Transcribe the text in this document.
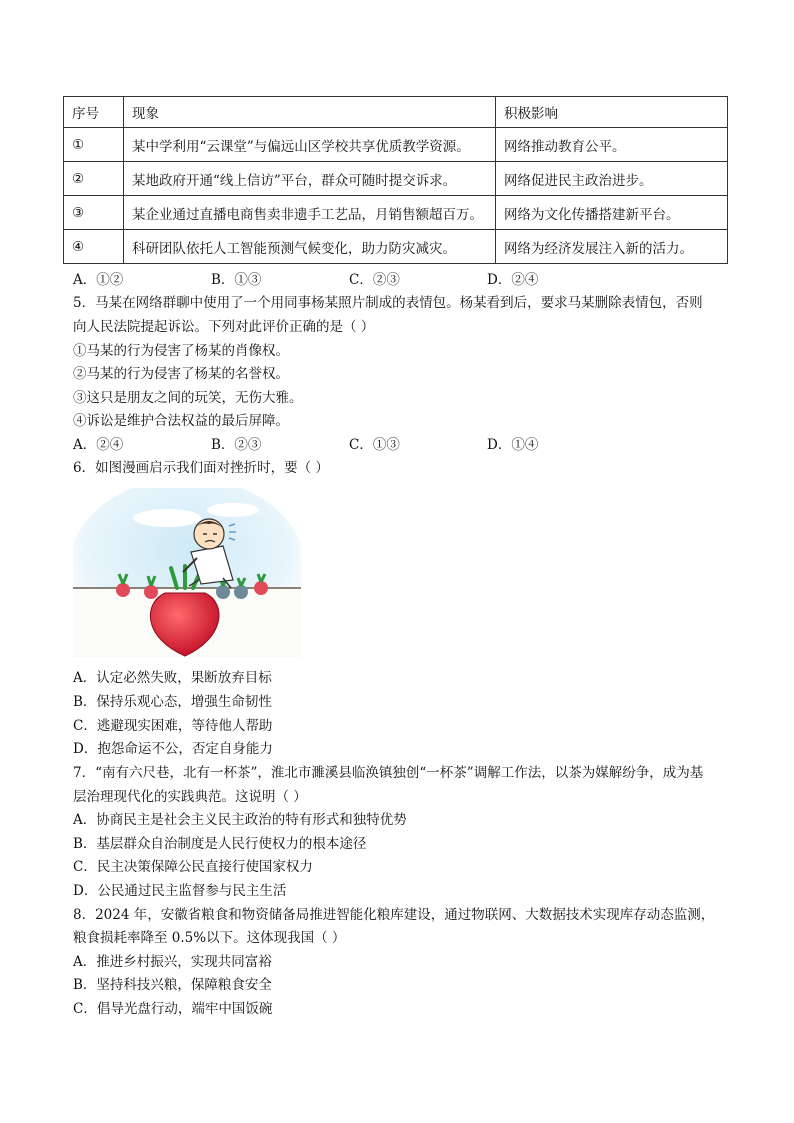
序号	现象	积极影响
①	某中学利用“云课堂”与偏远山区学校共享优质教学资源。	网络推动教育公平。
②	某地政府开通“线上信访”平台，群众可随时提交诉求。	网络促进民主政治进步。
③	某企业通过直播电商售卖非遗手工艺品，月销售额超百万。	网络为文化传播搭建新平台。
④	科研团队依托人工智能预测气候变化，助力防灾减灾。	网络为经济发展注入新的活力。
A．①②	B．①③	C．②③	D．②④
5．马某在网络群聊中使用了一个用同事杨某照片制成的表情包。杨某看到后，要求马某删除表情包，否则
向人民法院提起诉讼。下列对此评价正确的是（ ）
①马某的行为侵害了杨某的肖像权。
②马某的行为侵害了杨某的名誉权。
③这只是朋友之间的玩笑，无伤大雅。
④诉讼是维护合法权益的最后屏障。
A．②④	B．②③	C．①③	D．①④
6．如图漫画启示我们面对挫折时，要（ ）
A．认定必然失败，果断放弃目标
B．保持乐观心态，增强生命韧性
C．逃避现实困难，等待他人帮助
D．抱怨命运不公，否定自身能力
7．“南有六尺巷，北有一杯茶”，淮北市濉溪县临涣镇独创“一杯茶”调解工作法，以茶为媒解纷争，成为基
层治理现代化的实践典范。这说明（ ）
A．协商民主是社会主义民主政治的特有形式和独特优势
B．基层群众自治制度是人民行使权力的根本途径
C．民主决策保障公民直接行使国家权力
D．公民通过民主监督参与民主生活
8．2024 年，安徽省粮食和物资储备局推进智能化粮库建设，通过物联网、大数据技术实现库存动态监测，
粮食损耗率降至 0.5%以下。这体现我国（ ）
A．推进乡村振兴，实现共同富裕
B．坚持科技兴粮，保障粮食安全
C．倡导光盘行动，端牢中国饭碗
